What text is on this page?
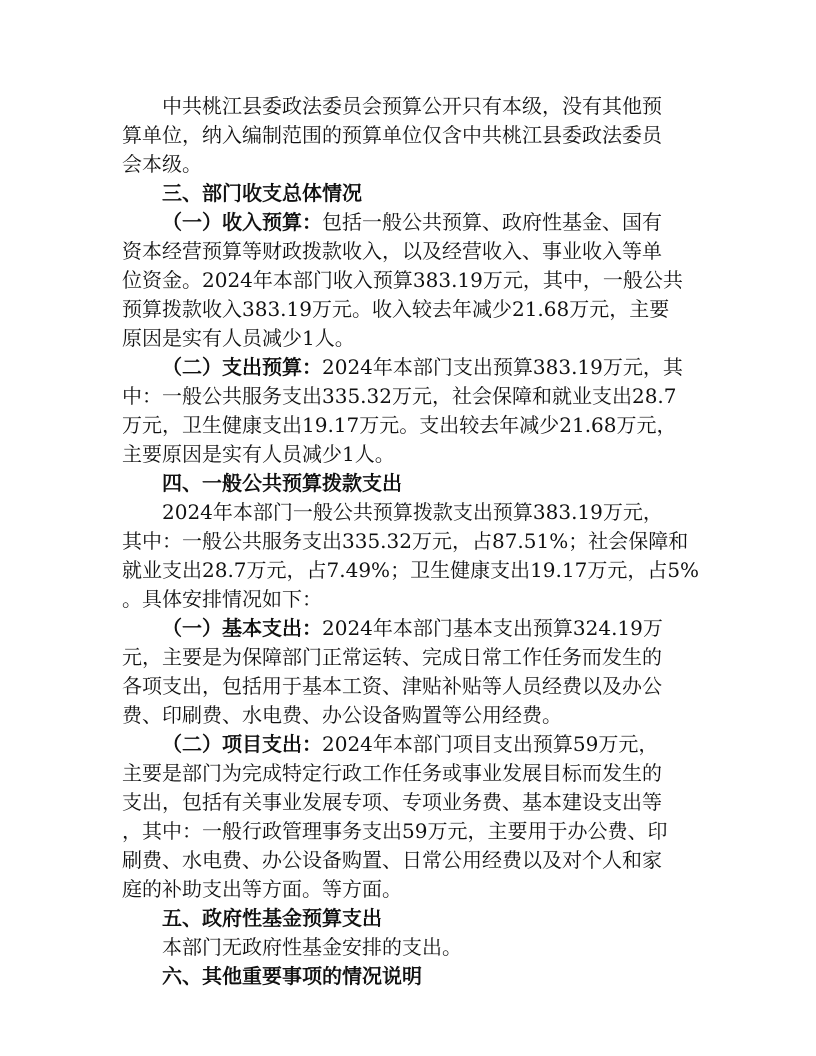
中共桃江县委政法委员会预算公开只有本级，没有其他预
算单位，纳入编制范围的预算单位仅含中共桃江县委政法委员
会本级。
三、部门收支总体情况
（一）收入预算：包括一般公共预算、政府性基金、国有
资本经营预算等财政拨款收入，以及经营收入、事业收入等单
位资金。2024年本部门收入预算383.19万元，其中，一般公共
预算拨款收入383.19万元。收入较去年减少21.68万元，主要
原因是实有人员减少1人。
（二）支出预算：2024年本部门支出预算383.19万元，其
中：一般公共服务支出335.32万元，社会保障和就业支出28.7
万元，卫生健康支出19.17万元。支出较去年减少21.68万元，
主要原因是实有人员减少1人。
四、一般公共预算拨款支出
2024年本部门一般公共预算拨款支出预算383.19万元，
其中：一般公共服务支出335.32万元，占87.51%；社会保障和
就业支出28.7万元，占7.49%；卫生健康支出19.17万元，占5%
。具体安排情况如下：
（一）基本支出：2024年本部门基本支出预算324.19万
元，主要是为保障部门正常运转、完成日常工作任务而发生的
各项支出，包括用于基本工资、津贴补贴等人员经费以及办公
费、印刷费、水电费、办公设备购置等公用经费。
（二）项目支出：2024年本部门项目支出预算59万元，
主要是部门为完成特定行政工作任务或事业发展目标而发生的
支出，包括有关事业发展专项、专项业务费、基本建设支出等
，其中：一般行政管理事务支出59万元，主要用于办公费、印
刷费、水电费、办公设备购置、日常公用经费以及对个人和家
庭的补助支出等方面。等方面。
五、政府性基金预算支出
本部门无政府性基金安排的支出。
六、其他重要事项的情况说明
